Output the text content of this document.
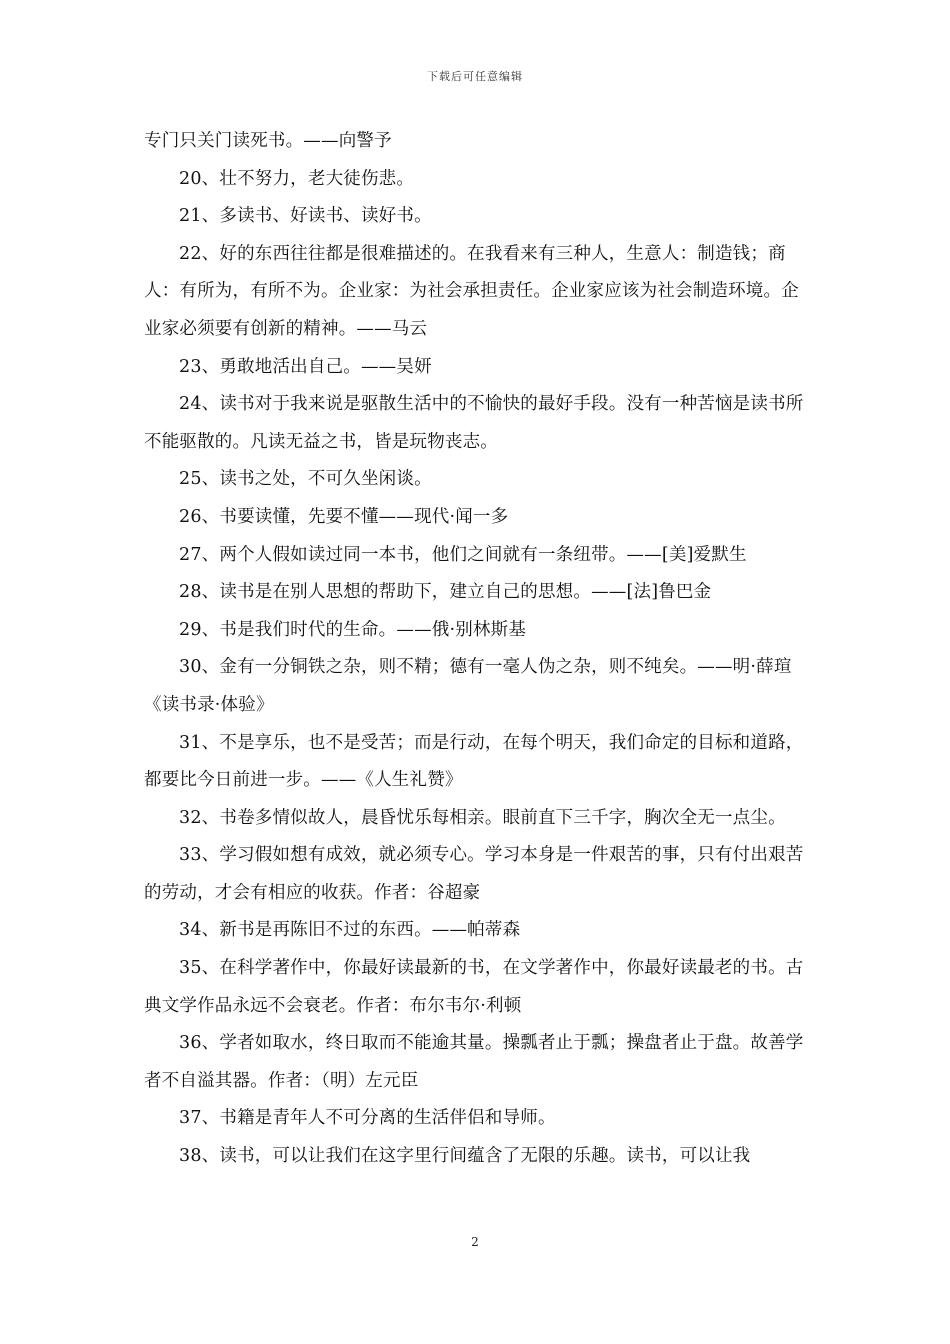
下载后可任意编辑

专门只关门读死书。——向警予

20、壮不努力，老大徒伤悲。

21、多读书、好读书、读好书。

22、好的东西往往都是很难描述的。在我看来有三种人，生意人：制造钱；商人：有所为，有所不为。企业家：为社会承担责任。企业家应该为社会制造环境。企业家必须要有创新的精神。——马云

23、勇敢地活出自己。——吴妍

24、读书对于我来说是驱散生活中的不愉快的最好手段。没有一种苦恼是读书所不能驱散的。凡读无益之书，皆是玩物丧志。

25、读书之处，不可久坐闲谈。

26、书要读懂，先要不懂——现代·闻一多

27、两个人假如读过同一本书，他们之间就有一条纽带。——[美]爱默生

28、读书是在别人思想的帮助下，建立自己的思想。——[法]鲁巴金

29、书是我们时代的生命。——俄·别林斯基

30、金有一分铜铁之杂，则不精；德有一毫人伪之杂，则不纯矣。——明·薛瑄《读书录·体验》

31、不是享乐，也不是受苦；而是行动，在每个明天，我们命定的目标和道路，都要比今日前进一步。——《人生礼赞》

32、书卷多情似故人，晨昏忧乐每相亲。眼前直下三千字，胸次全无一点尘。

33、学习假如想有成效，就必须专心。学习本身是一件艰苦的事，只有付出艰苦的劳动，才会有相应的收获。作者：谷超豪

34、新书是再陈旧不过的东西。——帕蒂森

35、在科学著作中，你最好读最新的书，在文学著作中，你最好读最老的书。古典文学作品永远不会衰老。作者：布尔韦尔·利顿

36、学者如取水，终日取而不能逾其量。操瓢者止于瓢；操盘者止于盘。故善学者不自溢其器。作者：（明）左元臣

37、书籍是青年人不可分离的生活伴侣和导师。

38、读书，可以让我们在这字里行间蕴含了无限的乐趣。读书，可以让我

2
